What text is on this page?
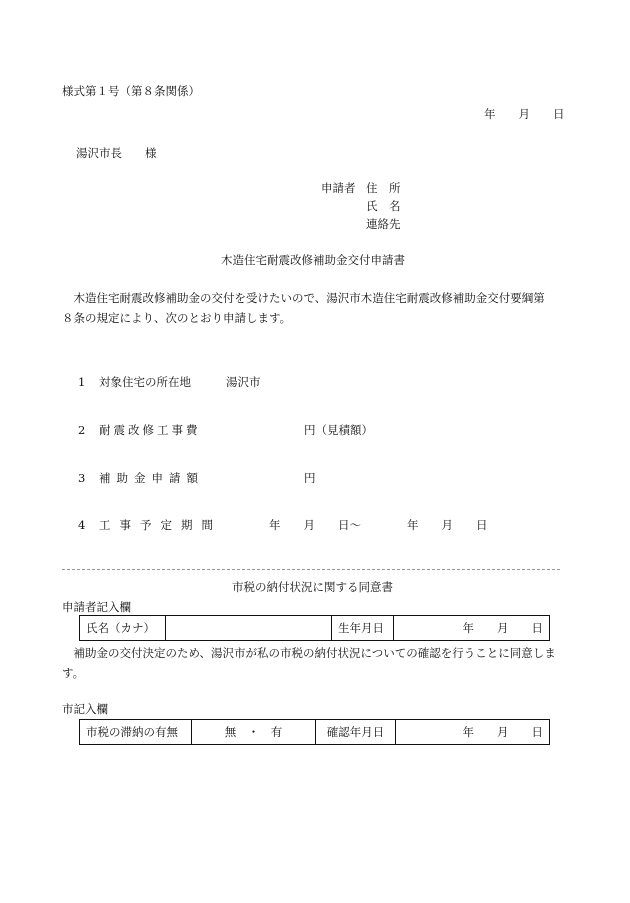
様式第１号（第８条関係）
年　　月　　日
湯沢市長　　様
申請者 住　所
氏　名
連絡先
木造住宅耐震改修補助金交付申請書
　木造住宅耐震改修補助金の交付を受けたいので、湯沢市木造住宅耐震改修補助金交付要綱第
８条の規定により、次のとおり申請します。
1 対象住宅の所在地	湯沢市
2 耐震改修工事費	円（見積額）
3 補助金申請額	円
4 工事予定期間	年　　月　　日～　　　　年　　月　　日
市税の納付状況に関する同意書
申請者記入欄
氏名（カナ）		生年月日	年　　月　　日
　補助金の交付決定のため、湯沢市が私の市税の納付状況についての確認を行うことに同意しま
す。
市記入欄
市税の滞納の有無	無　・　有	確認年月日	年　　月　　日
